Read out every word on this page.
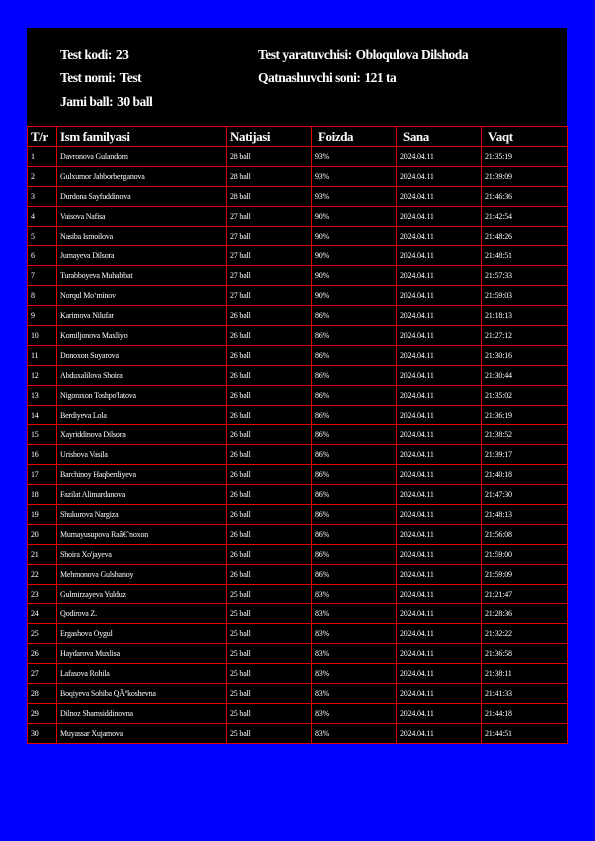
Test kodi: 23
Test nomi: Test
Jami ball: 30 ball
Test yaratuvchisi: Obloqulova Dilshoda
Qatnashuvchi soni: 121 ta
T/r	Ism familyasi	Natijasi	Foizda	Sana	Vaqt
1	Davronova Gulandom	28 ball	93%	2024.04.11	21:35:19
2	Gulxumor Jabborberganova	28 ball	93%	2024.04.11	21:39:09
3	Durdona Sayfuddinova	28 ball	93%	2024.04.11	21:46:36
4	Vaisova Nafisa	27 ball	90%	2024.04.11	21:42:54
5	Nasiba Ismoilova	27 ball	90%	2024.04.11	21:48:26
6	Jumayeva Dilsora	27 ball	90%	2024.04.11	21:48:51
7	Turabboyeva Muhabbat	27 ball	90%	2024.04.11	21:57:33
8	Norqul Moʻminov	27 ball	90%	2024.04.11	21:59:03
9	Karimova Nilufar	26 ball	86%	2024.04.11	21:18:13
10	Komiljonova Maxliyo	26 ball	86%	2024.04.11	21:27:12
11	Donoxon Suyarova	26 ball	86%	2024.04.11	21:30:16
12	Abduxalilova Shoira	26 ball	86%	2024.04.11	21:30:44
13	Nigoraxon Toshpo'latova	26 ball	86%	2024.04.11	21:35:02
14	Berdiyeva Lola	26 ball	86%	2024.04.11	21:36:19
15	Xayriddinova Dilsora	26 ball	86%	2024.04.11	21:38:52
16	Urishova Vasila	26 ball	86%	2024.04.11	21:39:17
17	Barchinoy Haqberdiyeva	26 ball	86%	2024.04.11	21:40:18
18	Fazilat Alimardanova	26 ball	86%	2024.04.11	21:47:30
19	Shukurova Nargiza	26 ball	86%	2024.04.11	21:48:13
20	Mumayusupova Raâ€˜noxon	26 ball	86%	2024.04.11	21:56:08
21	Shoira Xo'jayeva	26 ball	86%	2024.04.11	21:59:00
22	Mehmonova Gulshanoy	26 ball	86%	2024.04.11	21:59:09
23	Gulmirzayeva Yulduz	25 ball	83%	2024.04.11	21:21:47
24	Qodirova Z.	25 ball	83%	2024.04.11	21:28:36
25	Ergashova Oygul	25 ball	83%	2024.04.11	21:32:22
26	Haydarova Muxlisa	25 ball	83%	2024.04.11	21:36:58
27	Lafasova Rohila	25 ball	83%	2024.04.11	21:38:11
28	Boqiyeva Sohiba QÃºkoshevna	25 ball	83%	2024.04.11	21:41:33
29	Dilnoz Shamsiddinovna	25 ball	83%	2024.04.11	21:44:18
30	Muyassar Xujamova	25 ball	83%	2024.04.11	21:44:51
